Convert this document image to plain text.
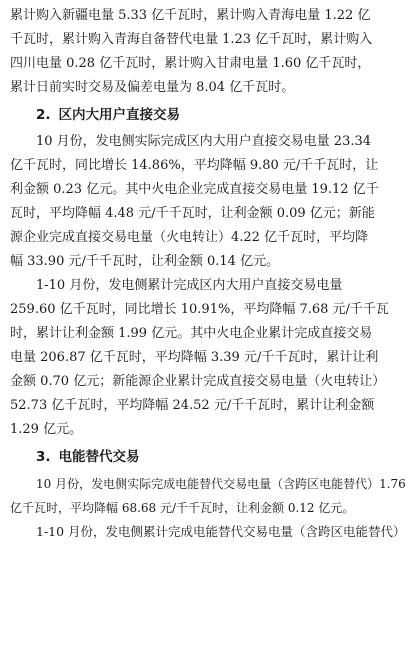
累计购入新疆电量 5.33 亿千瓦时，累计购入青海电量 1.22 亿
千瓦时，累计购入青海自备替代电量 1.23 亿千瓦时，累计购入
四川电量 0.28 亿千瓦时，累计购入甘肃电量 1.60 亿千瓦时，
累计日前实时交易及偏差电量为 8.04 亿千瓦时。
2. 区内大用户直接交易
10 月份，发电侧实际完成区内大用户直接交易电量 23.34
亿千瓦时，同比增长 14.86%，平均降幅 9.80 元/千千瓦时，让
利金额 0.23 亿元。其中火电企业完成直接交易电量 19.12 亿千
瓦时，平均降幅 4.48 元/千千瓦时，让利金额 0.09 亿元；新能
源企业完成直接交易电量（火电转让）4.22 亿千瓦时，平均降
幅 33.90 元/千千瓦时，让利金额 0.14 亿元。
1-10 月份，发电侧累计完成区内大用户直接交易电量
259.60 亿千瓦时，同比增长 10.91%，平均降幅 7.68 元/千千瓦
时，累计让利金额 1.99 亿元。其中火电企业累计完成直接交易
电量 206.87 亿千瓦时，平均降幅 3.39 元/千千瓦时，累计让利
金额 0.70 亿元；新能源企业累计完成直接交易电量（火电转让）
52.73 亿千瓦时，平均降幅 24.52 元/千千瓦时，累计让利金额
1.29 亿元。
3. 电能替代交易
10 月份，发电侧实际完成电能替代交易电量（含跨区电能替代）1.76
亿千瓦时，平均降幅 68.68 元/千千瓦时，让利金额 0.12 亿元。
1-10 月份，发电侧累计完成电能替代交易电量（含跨区电能替代）
